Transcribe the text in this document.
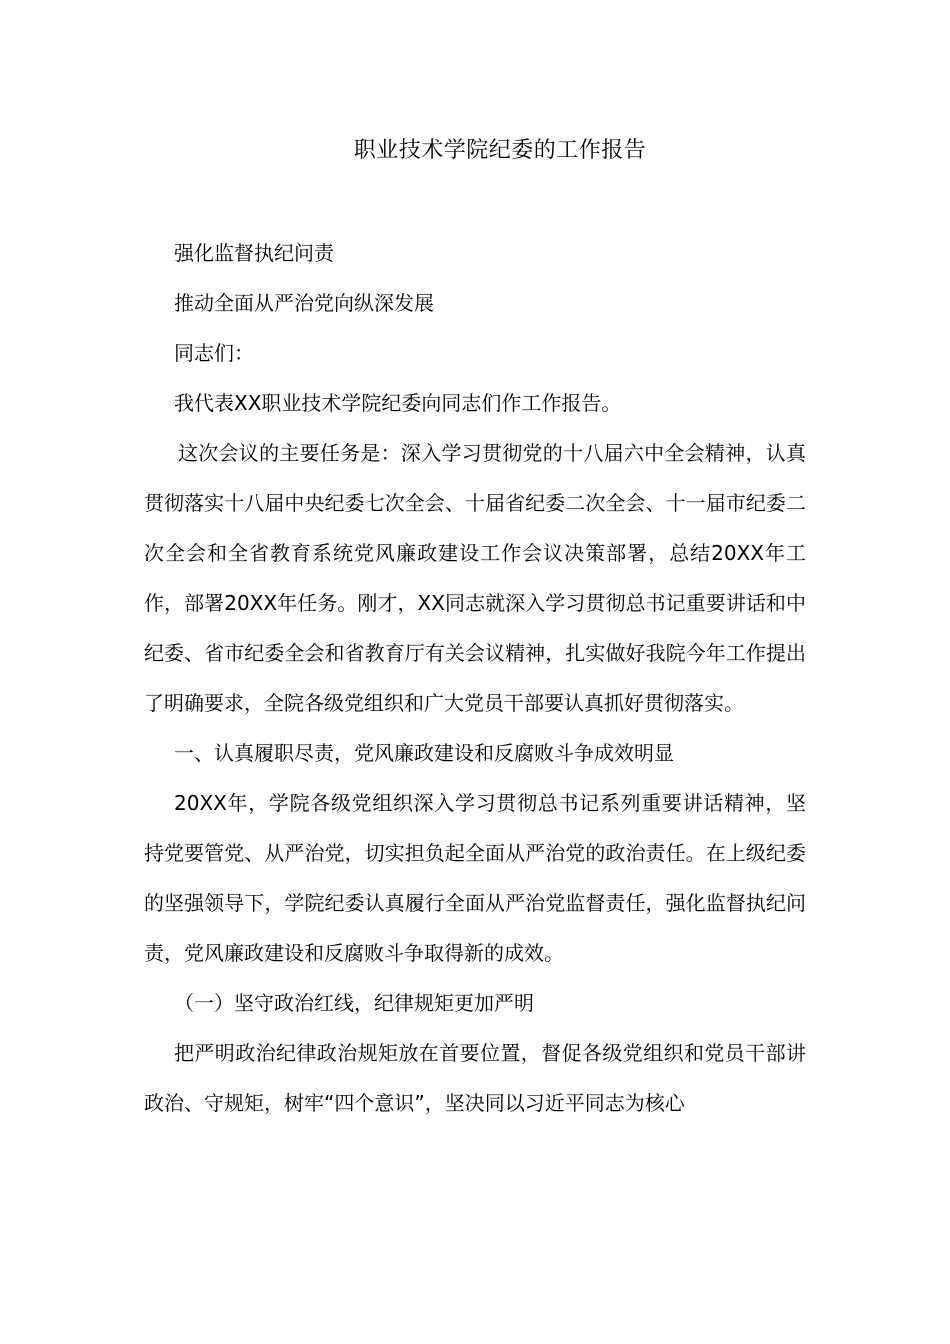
职业技术学院纪委的工作报告

强化监督执纪问责

推动全面从严治党向纵深发展

同志们：

我代表XX职业技术学院纪委向同志们作工作报告。

这次会议的主要任务是：深入学习贯彻党的十八届六中全会精神，认真贯彻落实十八届中央纪委七次全会、十届省纪委二次全会、十一届市纪委二次全会和全省教育系统党风廉政建设工作会议决策部署，总结20XX年工作，部署20XX年任务。刚才，XX同志就深入学习贯彻总书记重要讲话和中纪委、省市纪委全会和省教育厅有关会议精神，扎实做好我院今年工作提出了明确要求，全院各级党组织和广大党员干部要认真抓好贯彻落实。

一、认真履职尽责，党风廉政建设和反腐败斗争成效明显

20XX年，学院各级党组织深入学习贯彻总书记系列重要讲话精神，坚持党要管党、从严治党，切实担负起全面从严治党的政治责任。在上级纪委的坚强领导下，学院纪委认真履行全面从严治党监督责任，强化监督执纪问责，党风廉政建设和反腐败斗争取得新的成效。

（一）坚守政治红线，纪律规矩更加严明

把严明政治纪律政治规矩放在首要位置，督促各级党组织和党员干部讲政治、守规矩，树牢“四个意识”，坚决同以习近平同志为核心
